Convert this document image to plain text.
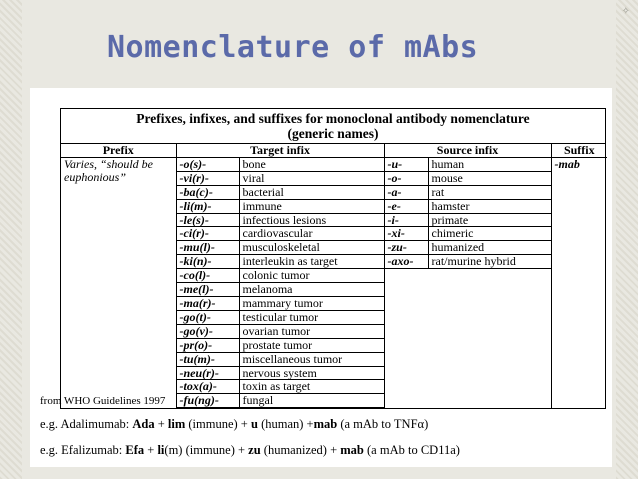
✧
Nomenclature of mAbs
Prefixes, infixes, and suffixes for monoclonal antibody nomenclature
(generic names)
Prefix	Target infix		Source infix		Suffix
Varies, “should be euphonious”	-o(s)-	bone	-u-	human	-mab
	-vi(r)-	viral	-o-	mouse	
	-ba(c)-	bacterial	-a-	rat	
	-li(m)-	immune	-e-	hamster	
	-le(s)-	infectious lesions	-i-	primate	
	-ci(r)-	cardiovascular	-xi-	chimeric	
	-mu(l)-	musculoskeletal	-zu-	humanized	
	-ki(n)-	interleukin as target	-axo-	rat/murine hybrid	
	-co(l)-	colonic tumor			
	-me(l)-	melanoma			
	-ma(r)-	mammary tumor			
	-go(t)-	testicular tumor			
	-go(v)-	ovarian tumor			
	-pr(o)-	prostate tumor			
	-tu(m)-	miscellaneous tumor			
	-neu(r)-	nervous system			
	-tox(a)-	toxin as target			
	-fu(ng)-	fungal			
from WHO Guidelines 1997
e.g. Adalimumab: Ada + lim (immune) + u (human) +mab (a mAb to TNFα)
e.g. Efalizumab: Efa + li(m) (immune) + zu (humanized) + mab (a mAb to CD11a)
